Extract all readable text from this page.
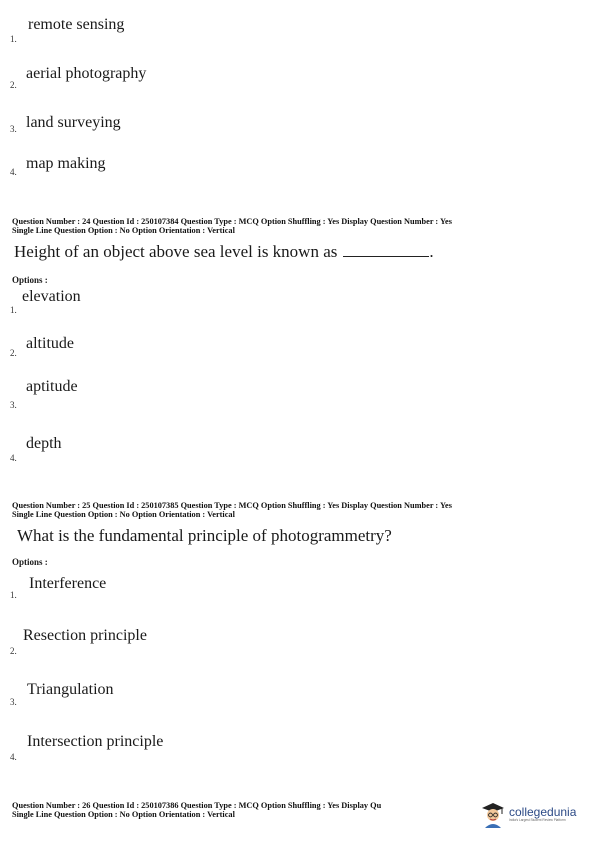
remote sensing
1.
aerial photography
2.
land surveying
3.
map making
4.
Question Number : 24 Question Id : 250107384 Question Type : MCQ Option Shuffling : Yes Display Question Number : Yes
Single Line Question Option : No Option Orientation : Vertical
Height of an object above sea level is known as	.
Options :
elevation
1.
altitude
2.
aptitude
3.
depth
4.
Question Number : 25 Question Id : 250107385 Question Type : MCQ Option Shuffling : Yes Display Question Number : Yes
Single Line Question Option : No Option Orientation : Vertical
What is the fundamental principle of photogrammetry?
Options :
Interference
1.
Resection principle
2.
Triangulation
3.
Intersection principle
4.
Question Number : 26 Question Id : 250107386 Question Type : MCQ Option Shuffling : Yes Display Qu
Single Line Question Option : No Option Orientation : Vertical	collegedunia
India's Largest Student Review Platform
